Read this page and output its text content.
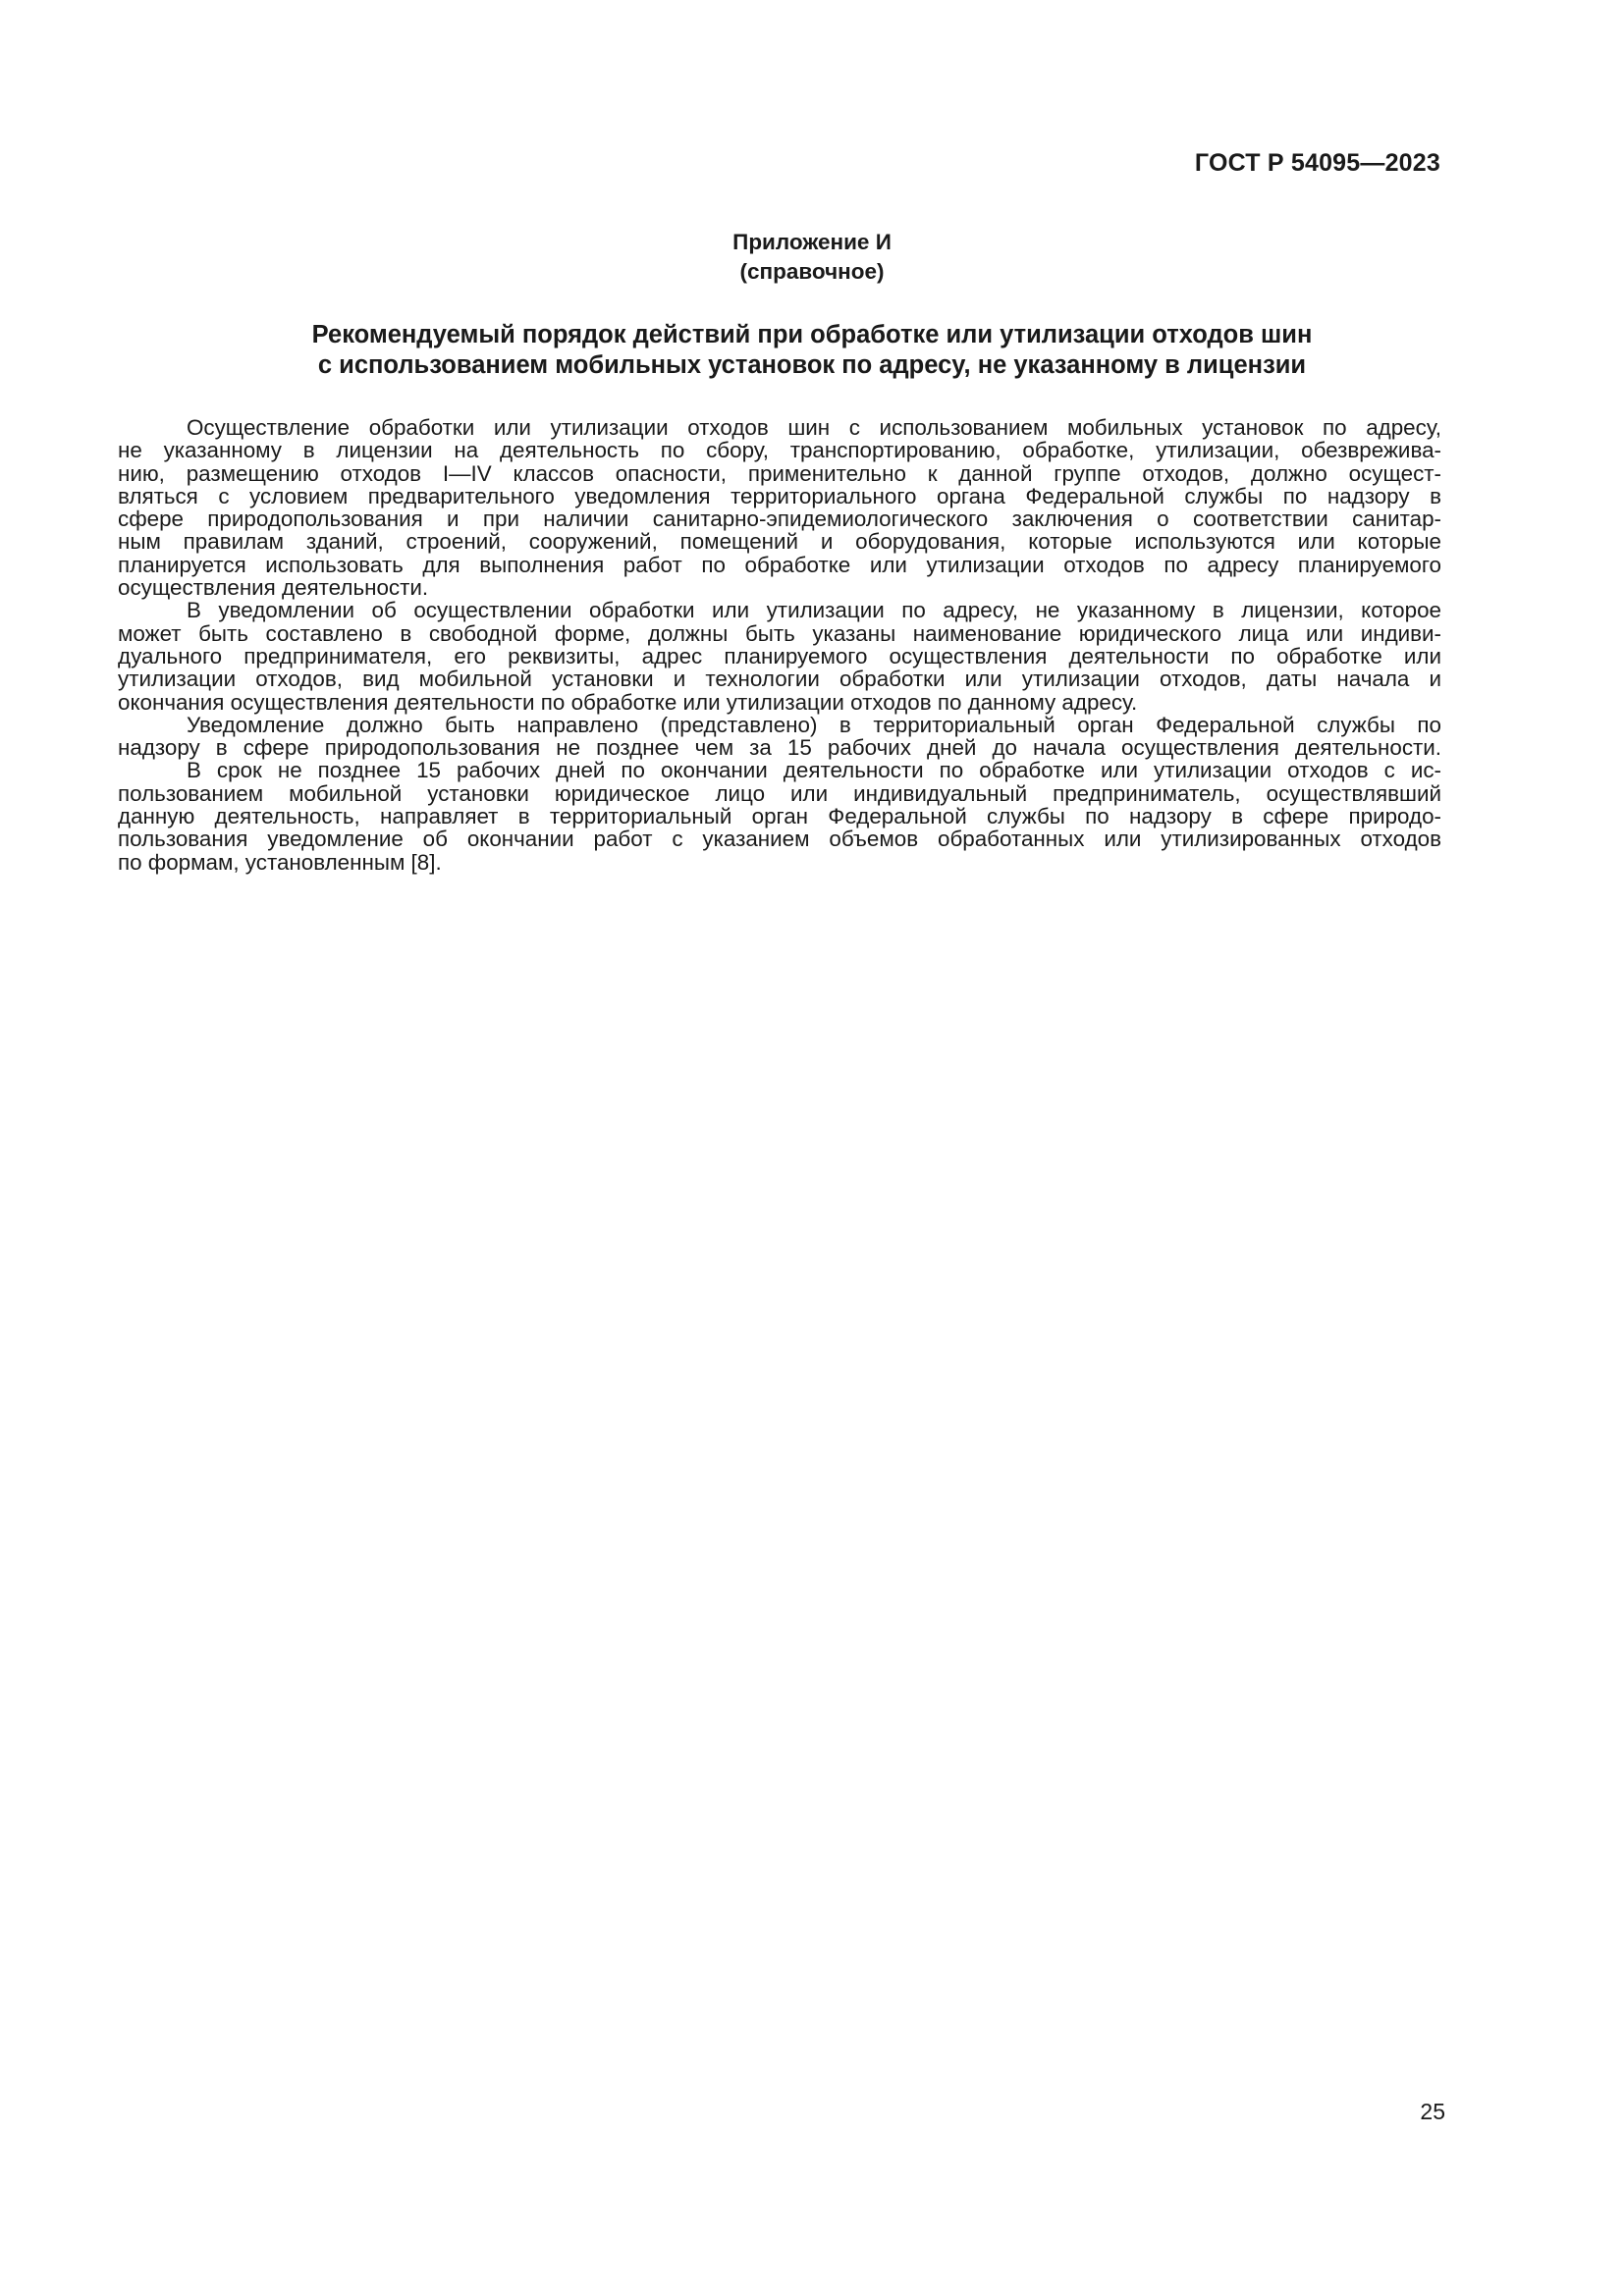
ГОСТ Р 54095—2023
Приложение И
(справочное)
Рекомендуемый порядок действий при обработке или утилизации отходов шин
с использованием мобильных установок по адресу, не указанному в лицензии
Осуществление обработки или утилизации отходов шин с использованием мобильных установок по адресу,
не указанному в лицензии на деятельность по сбору, транспортированию, обработке, утилизации, обезврежива-
нию, размещению отходов I—IV классов опасности, применительно к данной группе отходов, должно осущест-
вляться с условием предварительного уведомления территориального органа Федеральной службы по надзору в
сфере природопользования и при наличии санитарно-эпидемиологического заключения о соответствии санитар-
ным правилам зданий, строений, сооружений, помещений и оборудования, которые используются или которые
планируется использовать для выполнения работ по обработке или утилизации отходов по адресу планируемого
осуществления деятельности.
В уведомлении об осуществлении обработки или утилизации по адресу, не указанному в лицензии, которое
может быть составлено в свободной форме, должны быть указаны наименование юридического лица или индиви-
дуального предпринимателя, его реквизиты, адрес планируемого осуществления деятельности по обработке или
утилизации отходов, вид мобильной установки и технологии обработки или утилизации отходов, даты начала и
окончания осуществления деятельности по обработке или утилизации отходов по данному адресу.
Уведомление должно быть направлено (представлено) в территориальный орган Федеральной службы по
надзору в сфере природопользования не позднее чем за 15 рабочих дней до начала осуществления деятельности.
В срок не позднее 15 рабочих дней по окончании деятельности по обработке или утилизации отходов с ис-
пользованием мобильной установки юридическое лицо или индивидуальный предприниматель, осуществлявший
данную деятельность, направляет в территориальный орган Федеральной службы по надзору в сфере природо-
пользования уведомление об окончании работ с указанием объемов обработанных или утилизированных отходов
по формам, установленным [8].
25
